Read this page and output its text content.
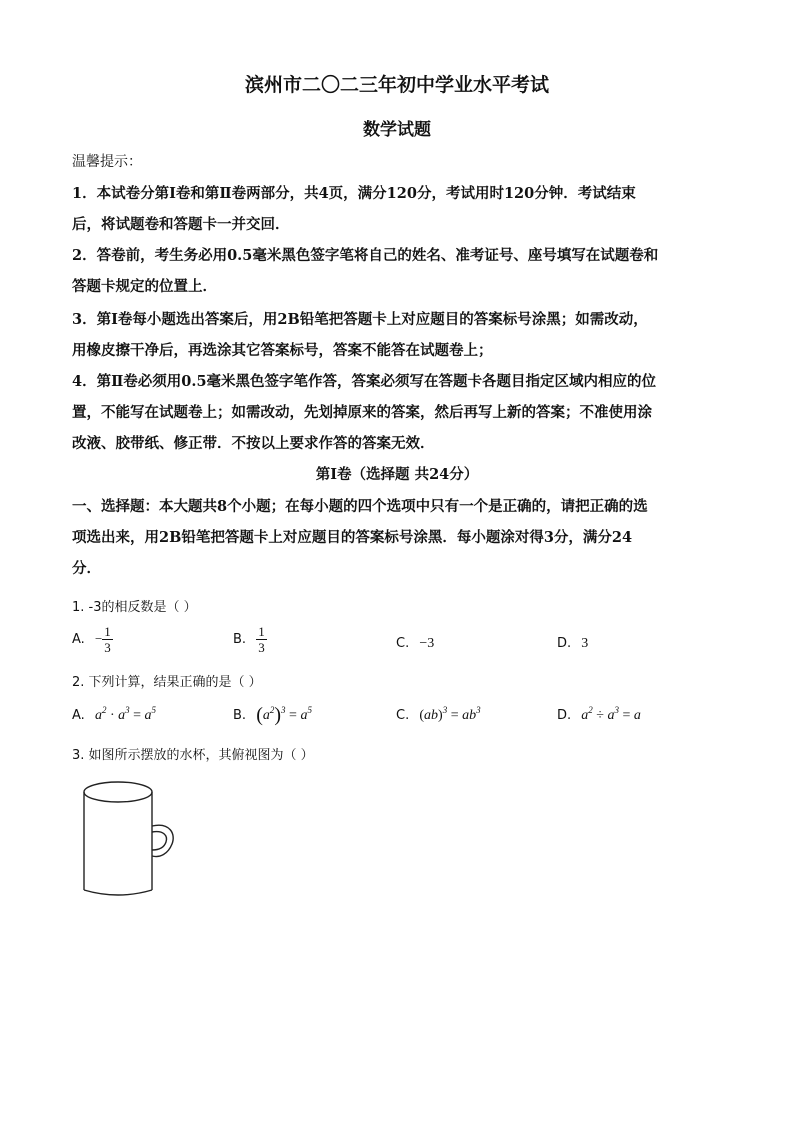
滨州市二〇二三年初中学业水平考试
数学试题
温馨提示：
1．本试卷分第Ⅰ卷和第Ⅱ卷两部分，共4页，满分120分，考试用时120分钟．考试结束
后，将试题卷和答题卡一并交回．
2．答卷前，考生务必用0.5毫米黑色签字笔将自己的姓名、准考证号、座号填写在试题卷和
答题卡规定的位置上．
3．第Ⅰ卷每小题选出答案后，用2B铅笔把答题卡上对应题目的答案标号涂黑；如需改动，
用橡皮擦干净后，再选涂其它答案标号，答案不能答在试题卷上；
4．第Ⅱ卷必须用0.5毫米黑色签字笔作答，答案必须写在答题卡各题目指定区域内相应的位
置，不能写在试题卷上；如需改动，先划掉原来的答案，然后再写上新的答案；不准使用涂
改液、胶带纸、修正带．不按以上要求作答的答案无效．
第Ⅰ卷（选择题 共24分）
一、选择题：本大题共8个小题；在每小题的四个选项中只有一个是正确的，请把正确的选
项选出来，用2B铅笔把答题卡上对应题目的答案标号涂黑．每小题涂对得3分，满分24
分．
1. -3的相反数是（ ）
A. − $\frac{1}{3}$	B. $\frac{1}{3}$	C. −3	D. 3
2. 下列计算，结果正确的是（ ）
A. $a^2 \cdot a^3 = a^5$	B. $(a^2)^3 = a^5$	C. $(ab)^3 = ab^3$	D. $a^2 \div a^3 = a$
3. 如图所示摆放的水杯，其俯视图为（ ）
